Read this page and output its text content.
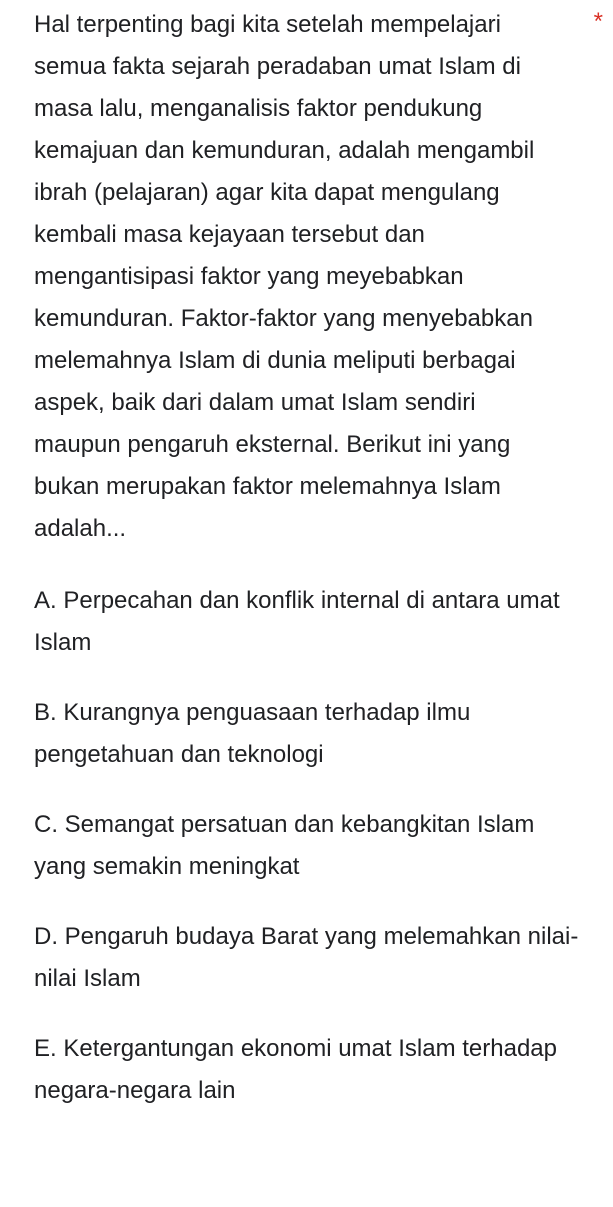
Hal terpenting bagi kita setelah mempelajari semua fakta sejarah peradaban umat Islam di masa lalu, menganalisis faktor pendukung kemajuan dan kemunduran, adalah mengambil ibrah (pelajaran) agar kita dapat mengulang kembali masa kejayaan tersebut dan mengantisipasi faktor yang meyebabkan kemunduran. Faktor-faktor yang menyebabkan melemahnya Islam di dunia meliputi berbagai aspek, baik dari dalam umat Islam sendiri maupun pengaruh eksternal. Berikut ini yang bukan merupakan faktor melemahnya Islam adalah...

*
A. Perpecahan dan konflik internal di antara umat Islam
B. Kurangnya penguasaan terhadap ilmu pengetahuan dan teknologi
C. Semangat persatuan dan kebangkitan Islam yang semakin meningkat
D. Pengaruh budaya Barat yang melemahkan nilai-nilai Islam
E. Ketergantungan ekonomi umat Islam terhadap negara-negara lain
